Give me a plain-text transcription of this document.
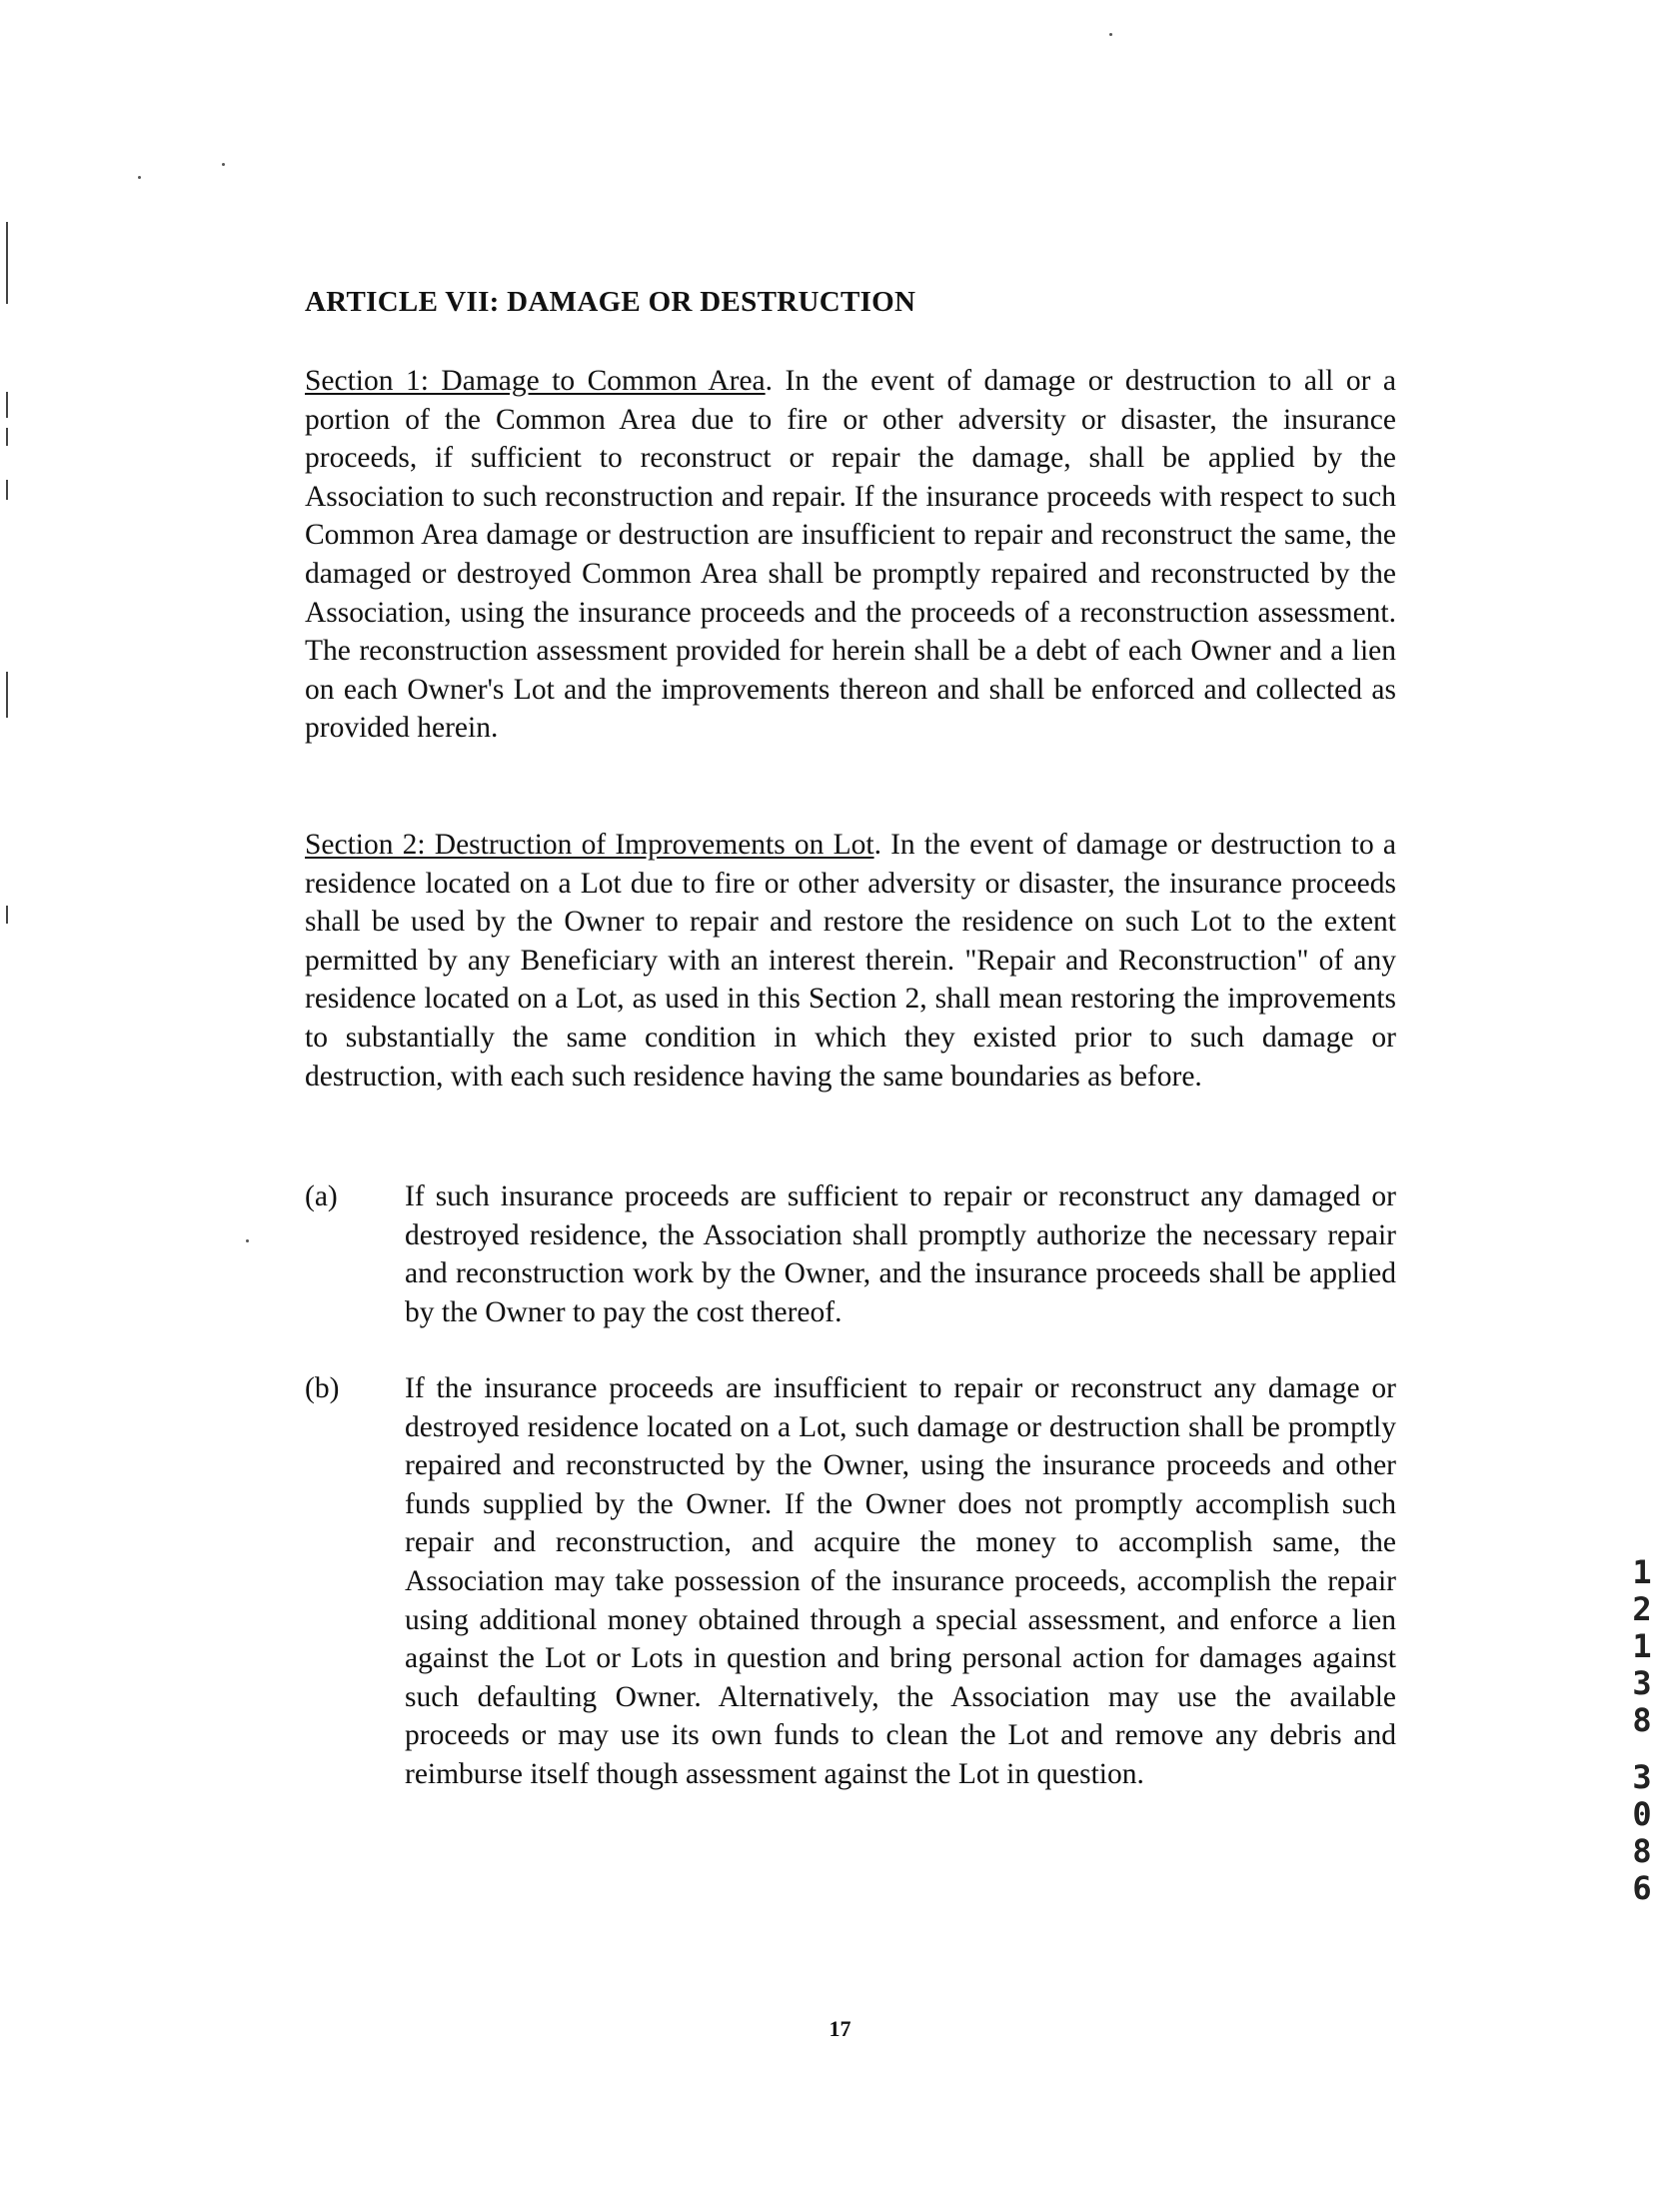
ARTICLE VII: DAMAGE OR DESTRUCTION
Section 1: Damage to Common Area. In the event of damage or destruction to all or a portion of the Common Area due to fire or other adversity or disaster, the insurance proceeds, if sufficient to reconstruct or repair the damage, shall be applied by the Association to such reconstruction and repair. If the insurance proceeds with respect to such Common Area damage or destruction are insufficient to repair and reconstruct the same, the damaged or destroyed Common Area shall be promptly repaired and reconstructed by the Association, using the insurance proceeds and the proceeds of a reconstruction assessment. The reconstruction assessment provided for herein shall be a debt of each Owner and a lien on each Owner's Lot and the improvements thereon and shall be enforced and collected as provided herein.
Section 2: Destruction of Improvements on Lot. In the event of damage or destruction to a residence located on a Lot due to fire or other adversity or disaster, the insurance proceeds shall be used by the Owner to repair and restore the residence on such Lot to the extent permitted by any Beneficiary with an interest therein. "Repair and Reconstruction" of any residence located on a Lot, as used in this Section 2, shall mean restoring the improvements to substantially the same condition in which they existed prior to such damage or destruction, with each such residence having the same boundaries as before.
(a) If such insurance proceeds are sufficient to repair or reconstruct any damaged or destroyed residence, the Association shall promptly authorize the necessary repair and reconstruction work by the Owner, and the insurance proceeds shall be applied by the Owner to pay the cost thereof.
(b) If the insurance proceeds are insufficient to repair or reconstruct any damage or destroyed residence located on a Lot, such damage or destruction shall be promptly repaired and reconstructed by the Owner, using the insurance proceeds and other funds supplied by the Owner. If the Owner does not promptly accomplish such repair and reconstruction, and acquire the money to accomplish same, the Association may take possession of the insurance proceeds, accomplish the repair using additional money obtained through a special assessment, and enforce a lien against the Lot or Lots in question and bring personal action for damages against such defaulting Owner. Alternatively, the Association may use the available proceeds or may use its own funds to clean the Lot and remove any debris and reimburse itself though assessment against the Lot in question.
1
2
1
3
8
3
0
8
6
17
